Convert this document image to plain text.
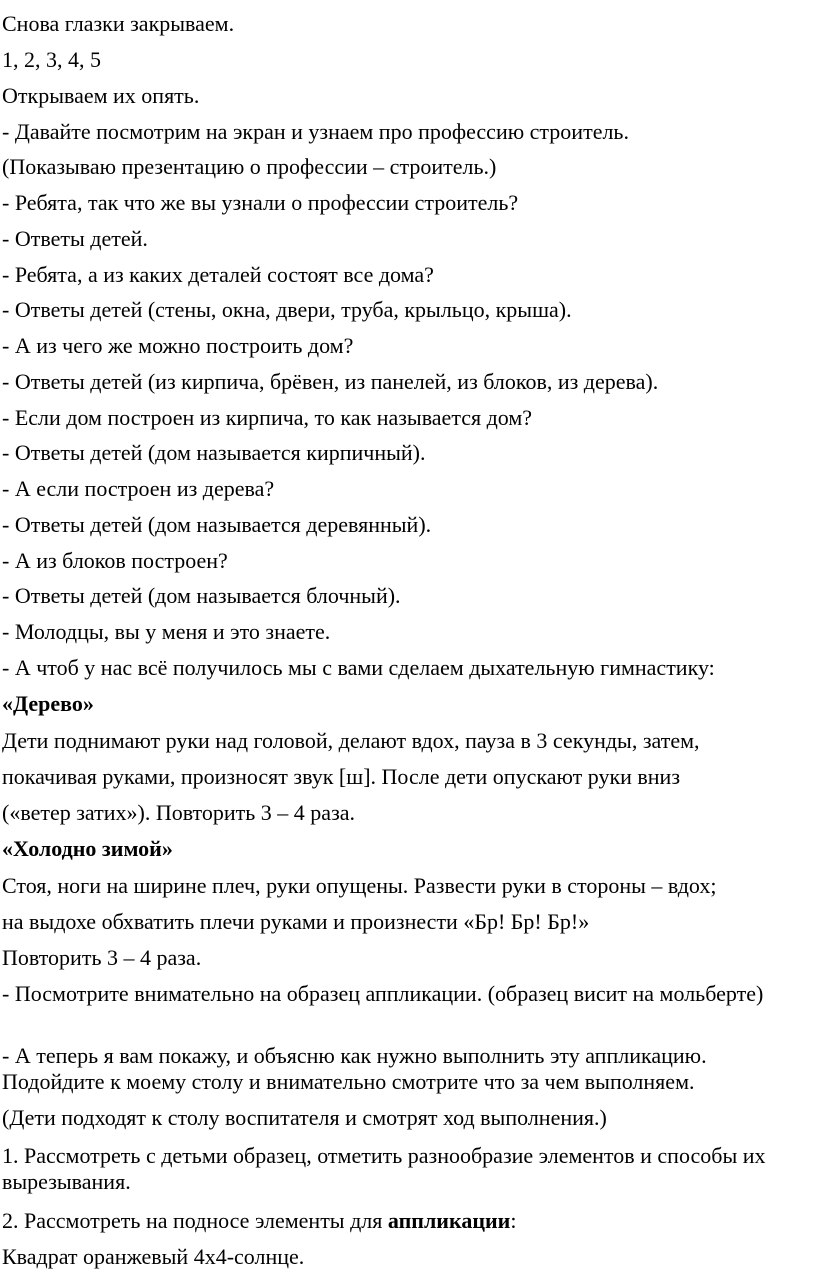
Снова глазки закрываем.
1, 2, 3, 4, 5
Открываем их опять.
- Давайте посмотрим на экран и узнаем про профессию строитель.
(Показываю презентацию о профессии – строитель.)
- Ребята, так что же вы узнали о профессии строитель?
- Ответы детей.
- Ребята, а из каких деталей состоят все дома?
- Ответы детей (стены, окна, двери, труба, крыльцо, крыша).
- А из чего же можно построить дом?
- Ответы детей (из кирпича, брёвен, из панелей, из блоков, из дерева).
- Если дом построен из кирпича, то как называется дом?
- Ответы детей (дом называется кирпичный).
- А если построен из дерева?
- Ответы детей (дом называется деревянный).
- А из блоков построен?
- Ответы детей (дом называется блочный).
- Молодцы, вы у меня и это знаете.
- А чтоб у нас всё получилось мы с вами сделаем дыхательную гимнастику:
«Дерево»
Дети поднимают руки над головой, делают вдох, пауза в 3 секунды, затем,
покачивая руками, произносят звук [ш]. После дети опускают руки вниз
(«ветер затих»). Повторить 3 – 4 раза.
«Холодно зимой»
Стоя, ноги на ширине плеч, руки опущены. Развести руки в стороны – вдох;
на выдохе обхватить плечи руками и произнести «Бр! Бр! Бр!»
Повторить 3 – 4 раза.
- Посмотрите внимательно на образец аппликации. (образец висит на мольберте)
- А теперь я вам покажу, и объясню как нужно выполнить эту аппликацию. Подойдите к моему столу и внимательно смотрите что за чем выполняем.
(Дети подходят к столу воспитателя и смотрят ход выполнения.)
1. Рассмотреть с детьми образец, отметить разнообразие элементов и способы их вырезывания.
2. Рассмотреть на подносе элементы для аппликации:
Квадрат оранжевый 4х4-солнце.
